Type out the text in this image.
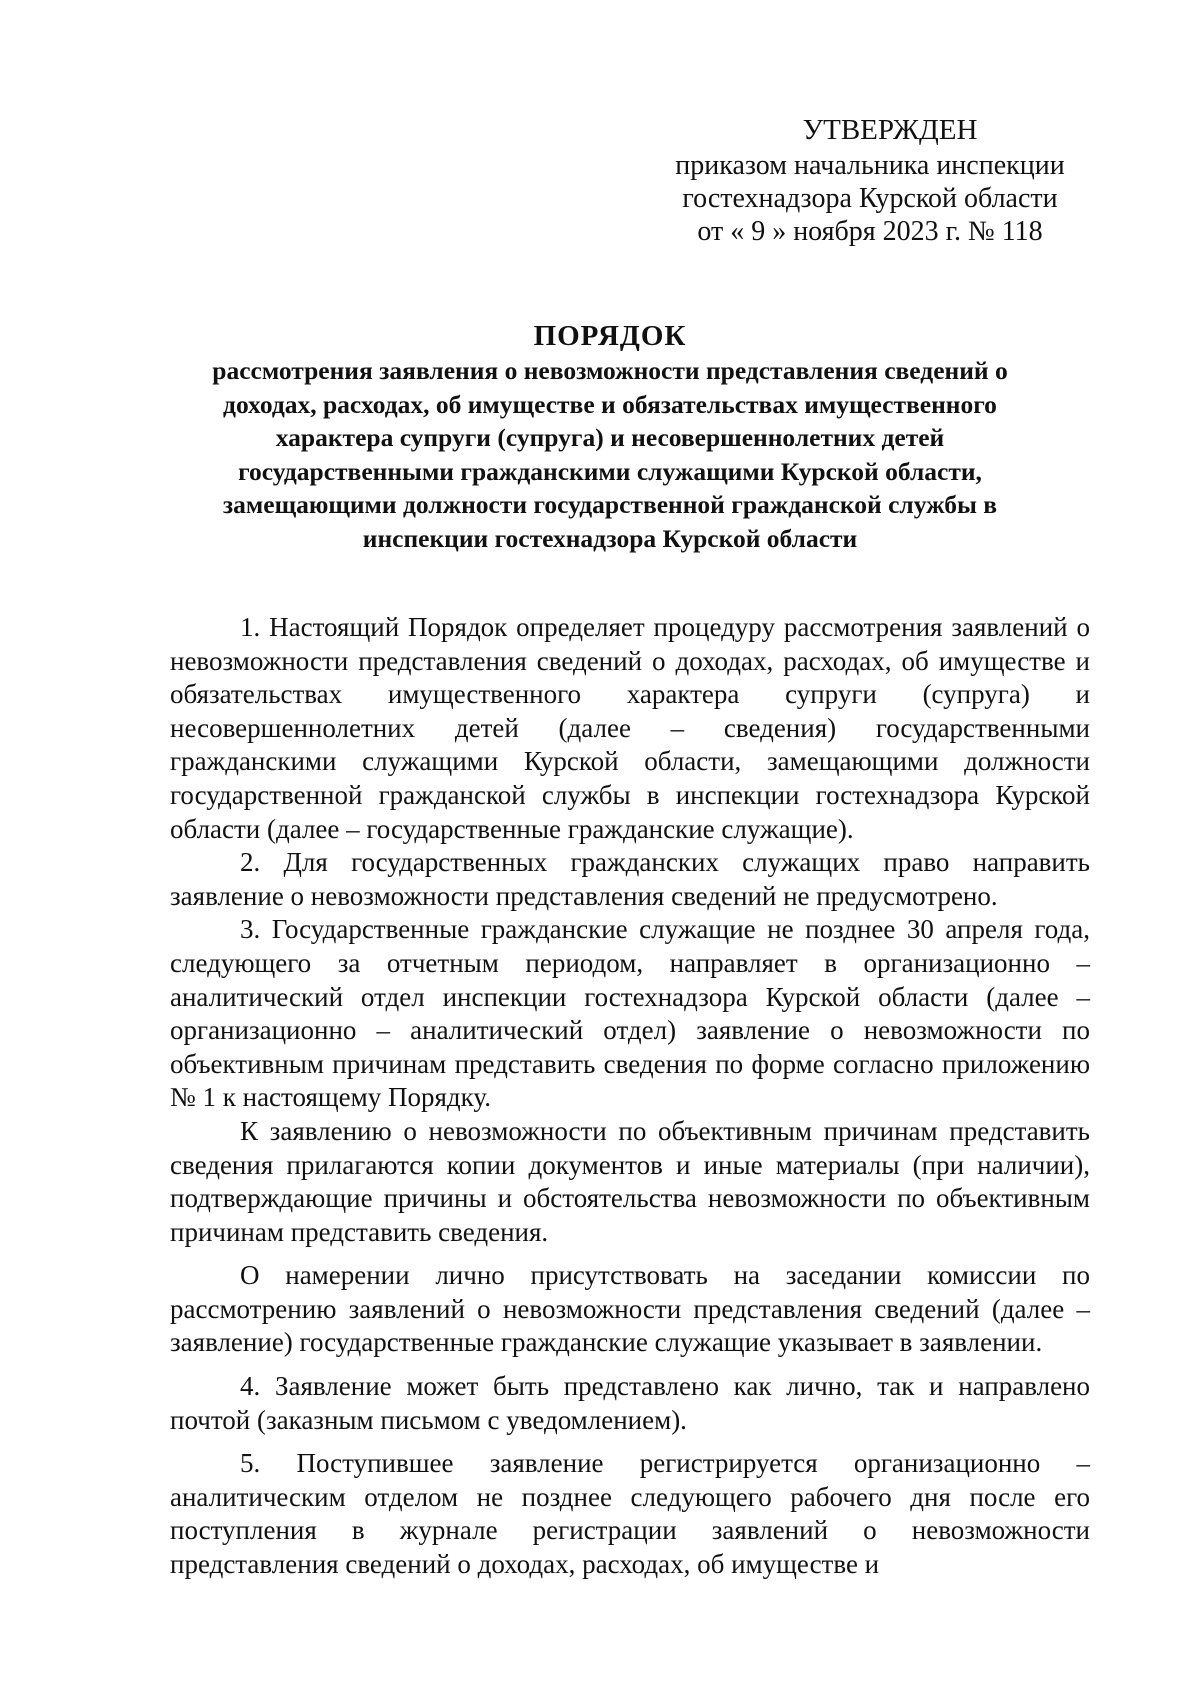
УТВЕРЖДЕН
приказом начальника инспекции
гостехнадзора Курской области
от « 9 » ноября 2023 г. № 118
ПОРЯДОК
рассмотрения заявления о невозможности представления сведений о доходах, расходах, об имуществе и обязательствах имущественного характера супруги (супруга) и несовершеннолетних детей государственными гражданскими служащими Курской области, замещающими должности государственной гражданской службы в инспекции гостехнадзора Курской области

1. Настоящий Порядок определяет процедуру рассмотрения заявлений о невозможности представления сведений о доходах, расходах, об имуществе и обязательствах имущественного характера супруги (супруга) и несовершеннолетних детей (далее – сведения) государственными гражданскими служащими Курской области, замещающими должности государственной гражданской службы в инспекции гостехнадзора Курской области (далее – государственные гражданские служащие).

2. Для государственных гражданских служащих право направить заявление о невозможности представления сведений не предусмотрено.

3. Государственные гражданские служащие не позднее 30 апреля года, следующего за отчетным периодом, направляет в организационно – аналитический отдел инспекции гостехнадзора Курской области (далее – организационно – аналитический отдел) заявление о невозможности по объективным причинам представить сведения по форме согласно приложению № 1 к настоящему Порядку.

К заявлению о невозможности по объективным причинам представить сведения прилагаются копии документов и иные материалы (при наличии), подтверждающие причины и обстоятельства невозможности по объективным причинам представить сведения.

О намерении лично присутствовать на заседании комиссии по рассмотрению заявлений о невозможности представления сведений (далее – заявление) государственные гражданские служащие указывает в заявлении.

4. Заявление может быть представлено как лично, так и направлено почтой (заказным письмом с уведомлением).

5. Поступившее заявление регистрируется организационно – аналитическим отделом не позднее следующего рабочего дня после его поступления в журнале регистрации заявлений о невозможности представления сведений о доходах, расходах, об имуществе и
